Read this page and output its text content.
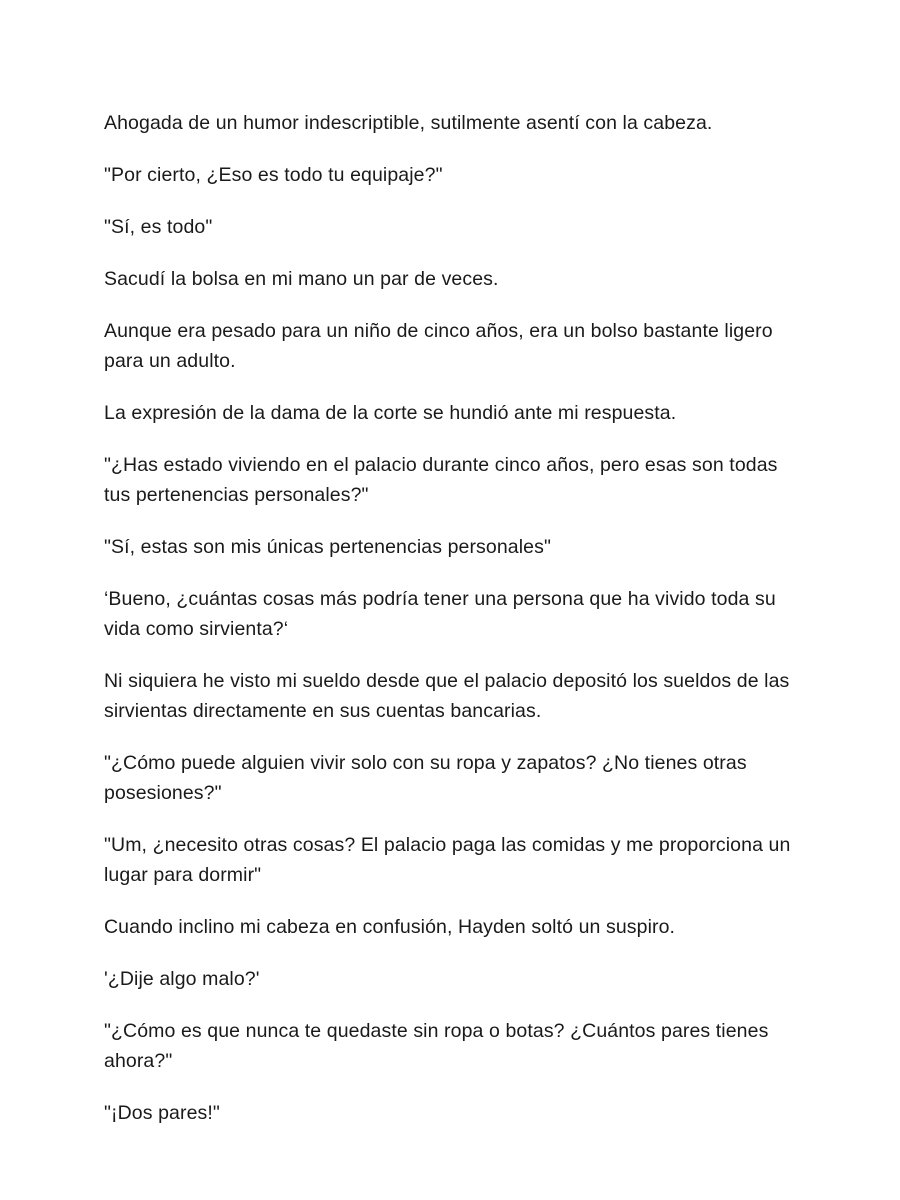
Ahogada de un humor indescriptible, sutilmente asentí con la cabeza.

"Por cierto, ¿Eso es todo tu equipaje?"

"Sí, es todo"

Sacudí la bolsa en mi mano un par de veces.

Aunque era pesado para un niño de cinco años, era un bolso bastante ligero para un adulto.

La expresión de la dama de la corte se hundió ante mi respuesta.

"¿Has estado viviendo en el palacio durante cinco años, pero esas son todas tus pertenencias personales?"

"Sí, estas son mis únicas pertenencias personales"

‘Bueno, ¿cuántas cosas más podría tener una persona que ha vivido toda su vida como sirvienta?‘

Ni siquiera he visto mi sueldo desde que el palacio depositó los sueldos de las sirvientas directamente en sus cuentas bancarias.

"¿Cómo puede alguien vivir solo con su ropa y zapatos? ¿No tienes otras posesiones?"

"Um, ¿necesito otras cosas? El palacio paga las comidas y me proporciona un lugar para dormir"

Cuando inclino mi cabeza en confusión, Hayden soltó un suspiro.

'¿Dije algo malo?'

"¿Cómo es que nunca te quedaste sin ropa o botas? ¿Cuántos pares tienes ahora?"

"¡Dos pares!"
